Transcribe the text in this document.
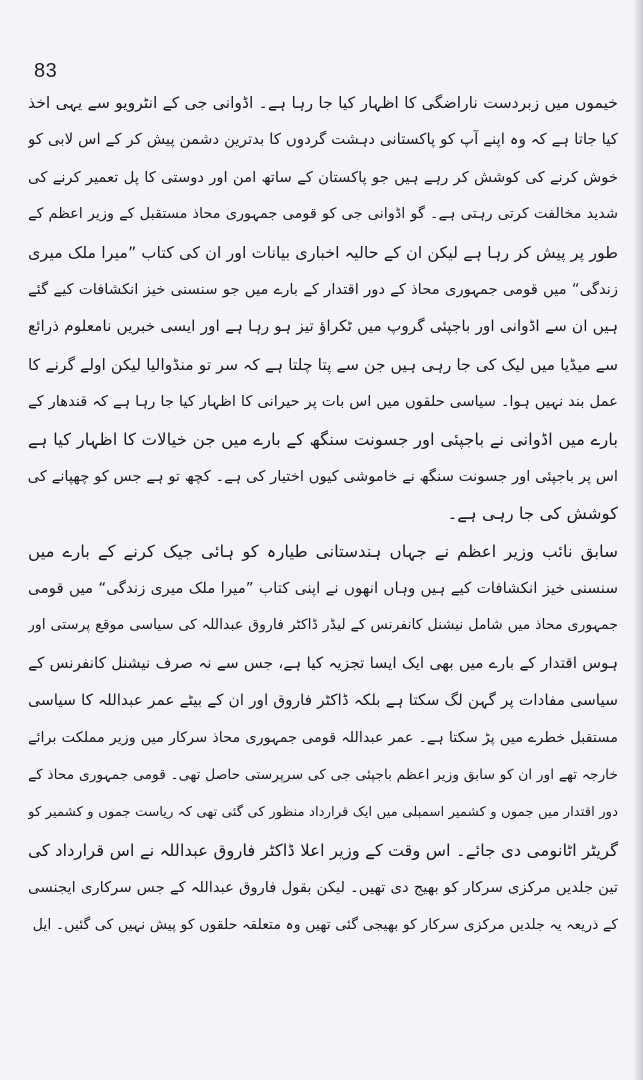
83

خیموں میں زبردست ناراضگی کا اظہار کیا جا رہا ہے۔ اڈوانی جی کے انٹرویو سے یہی اخذ
کیا جاتا ہے کہ وہ اپنے آپ کو پاکستانی دہشت گردوں کا بدترین دشمن پیش کر کے اس لابی کو
خوش کرنے کی کوشش کر رہے ہیں جو پاکستان کے ساتھ امن اور دوستی کا پل تعمیر کرنے کی
شدید مخالفت کرتی رہتی ہے۔ گو اڈوانی جی کو قومی جمہوری محاذ مستقبل کے وزیر اعظم کے
طور پر پیش کر رہا ہے لیکن ان کے حالیہ اخباری بیانات اور ان کی کتاب ”میرا ملک میری
زندگی“ میں قومی جمہوری محاذ کے دور اقتدار کے بارے میں جو سنسنی خیز انکشافات کیے گئے
ہیں ان سے اڈوانی اور باجپئی گروپ میں ٹکراؤ تیز ہو رہا ہے اور ایسی خبریں نامعلوم ذرائع
سے میڈیا میں لیک کی جا رہی ہیں جن سے پتا چلتا ہے کہ سر تو منڈوالیا لیکن اولے گرنے کا
عمل بند نہیں ہوا۔ سیاسی حلقوں میں اس بات پر حیرانی کا اظہار کیا جا رہا ہے کہ قندھار کے
بارے میں اڈوانی نے باجپئی اور جسونت سنگھ کے بارے میں جن خیالات کا اظہار کیا ہے
اس پر باجپئی اور جسونت سنگھ نے خاموشی کیوں اختیار کی ہے۔ کچھ تو ہے جس کو چھپانے کی
کوشش کی جا رہی ہے۔

سابق نائب وزیر اعظم نے جہاں ہندستانی طیارہ کو ہائی جیک کرنے کے بارے میں
سنسنی خیز انکشافات کیے ہیں وہاں انھوں نے اپنی کتاب ”میرا ملک میری زندگی“ میں قومی
جمہوری محاذ میں شامل نیشنل کانفرنس کے لیڈر ڈاکٹر فاروق عبداللہ کی سیاسی موقع پرستی اور
ہوس اقتدار کے بارے میں بھی ایک ایسا تجزیہ کیا ہے، جس سے نہ صرف نیشنل کانفرنس کے
سیاسی مفادات پر گہن لگ سکتا ہے بلکہ ڈاکٹر فاروق اور ان کے بیٹے عمر عبداللہ کا سیاسی
مستقبل خطرے میں پڑ سکتا ہے۔ عمر عبداللہ قومی جمہوری محاذ سرکار میں وزیر مملکت برائے
خارجہ تھے اور ان کو سابق وزیر اعظم باجپئی جی کی سرپرستی حاصل تھی۔ قومی جمہوری محاذ کے
دور اقتدار میں جموں و کشمیر اسمبلی میں ایک قرارداد منظور کی گئی تھی کہ ریاست جموں و کشمیر کو
گریٹر اٹانومی دی جائے۔ اس وقت کے وزیر اعلا ڈاکٹر فاروق عبداللہ نے اس قرارداد کی
تین جلدیں مرکزی سرکار کو بھیج دی تھیں۔ لیکن بقول فاروق عبداللہ کے جس سرکاری ایجنسی
کے ذریعہ یہ جلدیں مرکزی سرکار کو بھیجی گئی تھیں وہ متعلقہ حلقوں کو پیش نہیں کی گئیں۔ ایل
